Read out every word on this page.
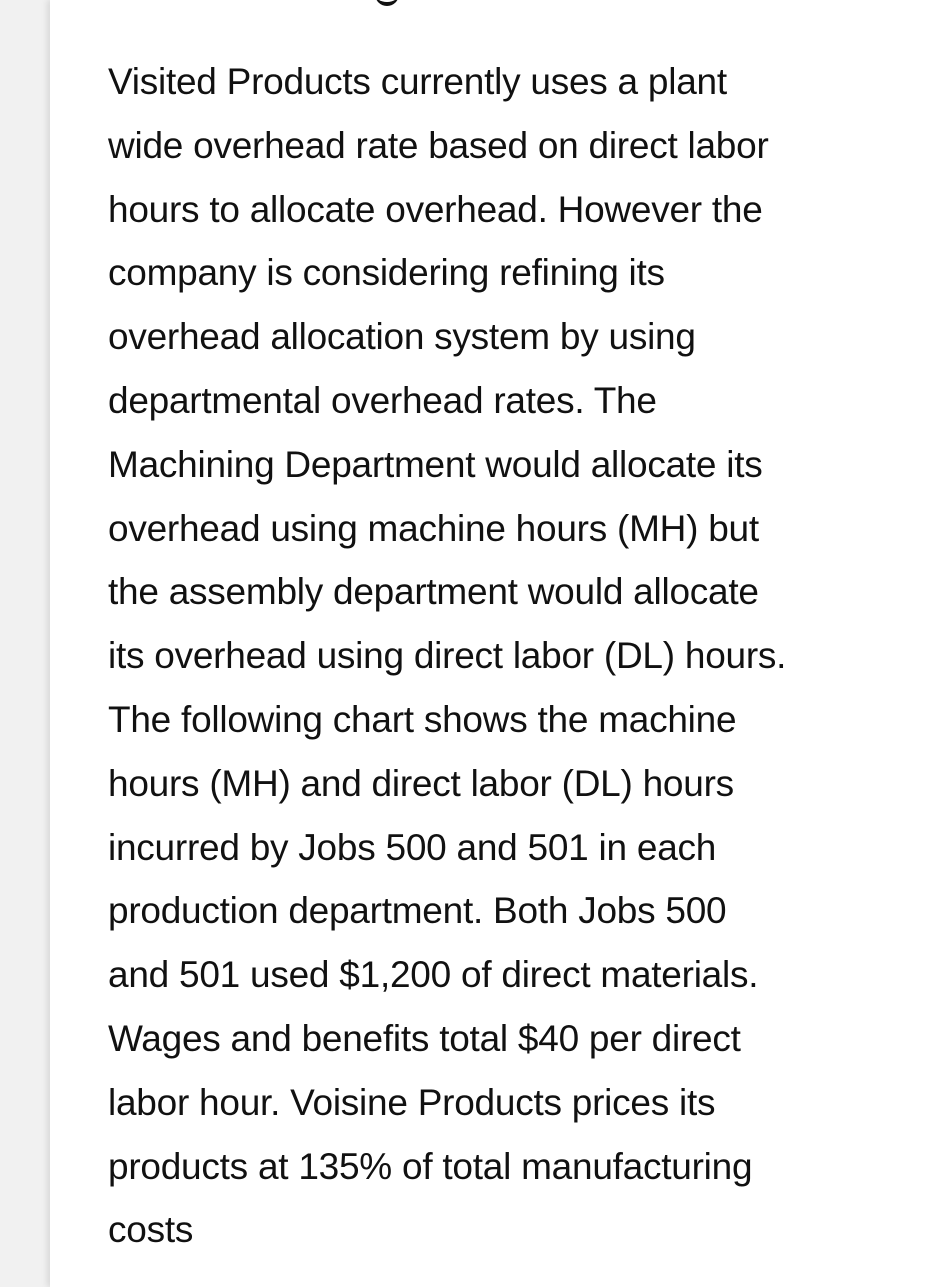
Visited Products currently uses a plant
wide overhead rate based on direct labor
hours to allocate overhead. However the
company is considering refining its
overhead allocation system by using
departmental overhead rates. The
Machining Department would allocate its
overhead using machine hours (MH) but
the assembly department would allocate
its overhead using direct labor (DL) hours.
The following chart shows the machine
hours (MH) and direct labor (DL) hours
incurred by Jobs 500 and 501 in each
production department. Both Jobs 500
and 501 used $1,200 of direct materials.
Wages and benefits total $40 per direct
labor hour. Voisine Products prices its
products at 135% of total manufacturing
costs
